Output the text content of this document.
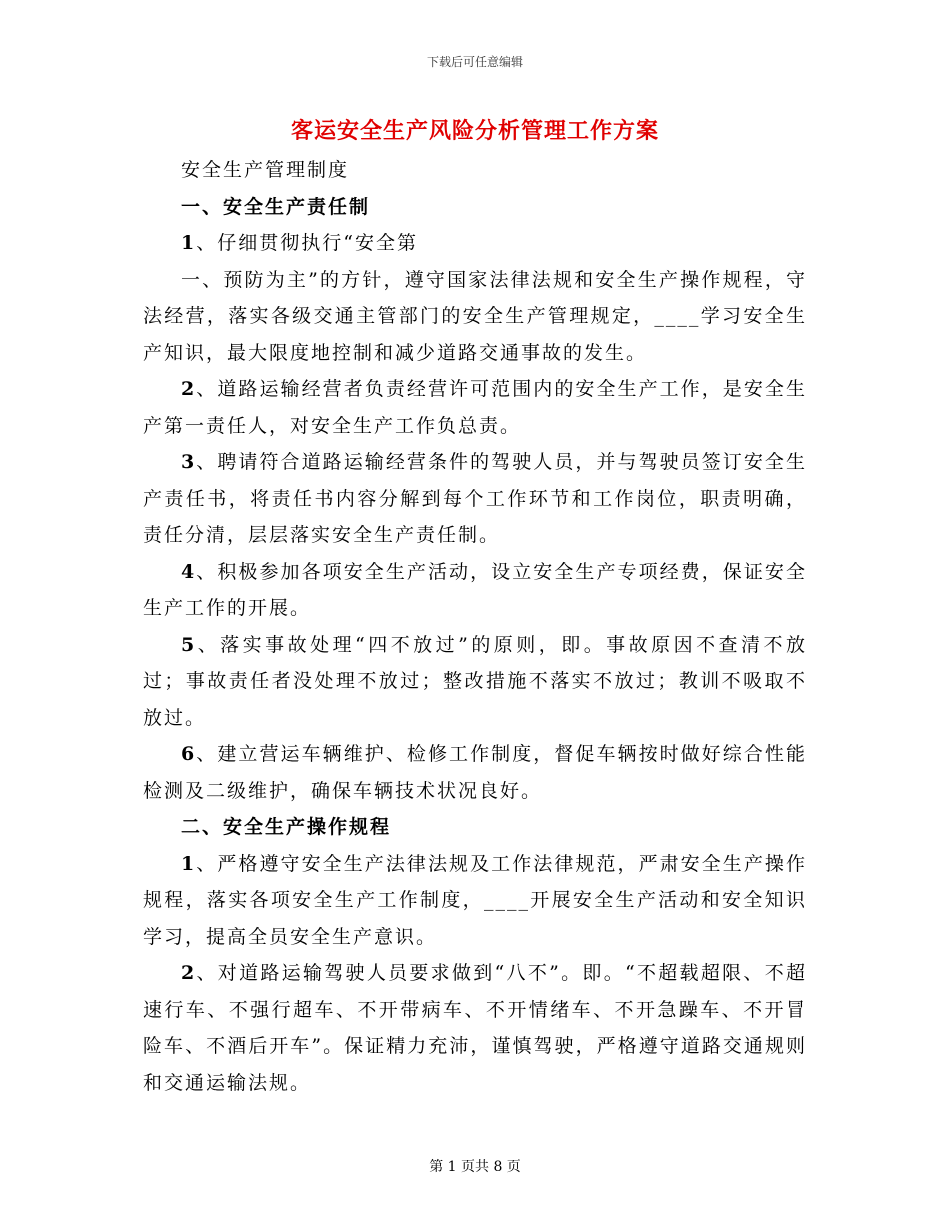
下载后可任意编辑
客运安全生产风险分析管理工作方案

安全生产管理制度

一、安全生产责任制

1、仔细贯彻执行“安全第

一、预防为主”的方针，遵守国家法律法规和安全生产操作规程，守法经营，落实各级交通主管部门的安全生产管理规定，____学习安全生产知识，最大限度地控制和减少道路交通事故的发生。

2、道路运输经营者负责经营许可范围内的安全生产工作，是安全生产第一责任人，对安全生产工作负总责。

3、聘请符合道路运输经营条件的驾驶人员，并与驾驶员签订安全生产责任书，将责任书内容分解到每个工作环节和工作岗位，职责明确，责任分清，层层落实安全生产责任制。

4、积极参加各项安全生产活动，设立安全生产专项经费，保证安全生产工作的开展。

5、落实事故处理“四不放过”的原则，即。事故原因不查清不放过；事故责任者没处理不放过；整改措施不落实不放过；教训不吸取不放过。

6、建立营运车辆维护、检修工作制度，督促车辆按时做好综合性能检测及二级维护，确保车辆技术状况良好。

二、安全生产操作规程

1、严格遵守安全生产法律法规及工作法律规范，严肃安全生产操作规程，落实各项安全生产工作制度，____开展安全生产活动和安全知识学习，提高全员安全生产意识。

2、对道路运输驾驶人员要求做到“八不”。即。“不超载超限、不超速行车、不强行超车、不开带病车、不开情绪车、不开急躁车、不开冒险车、不酒后开车”。保证精力充沛，谨慎驾驶，严格遵守道路交通规则和交通运输法规。

第 1 页共 8 页
